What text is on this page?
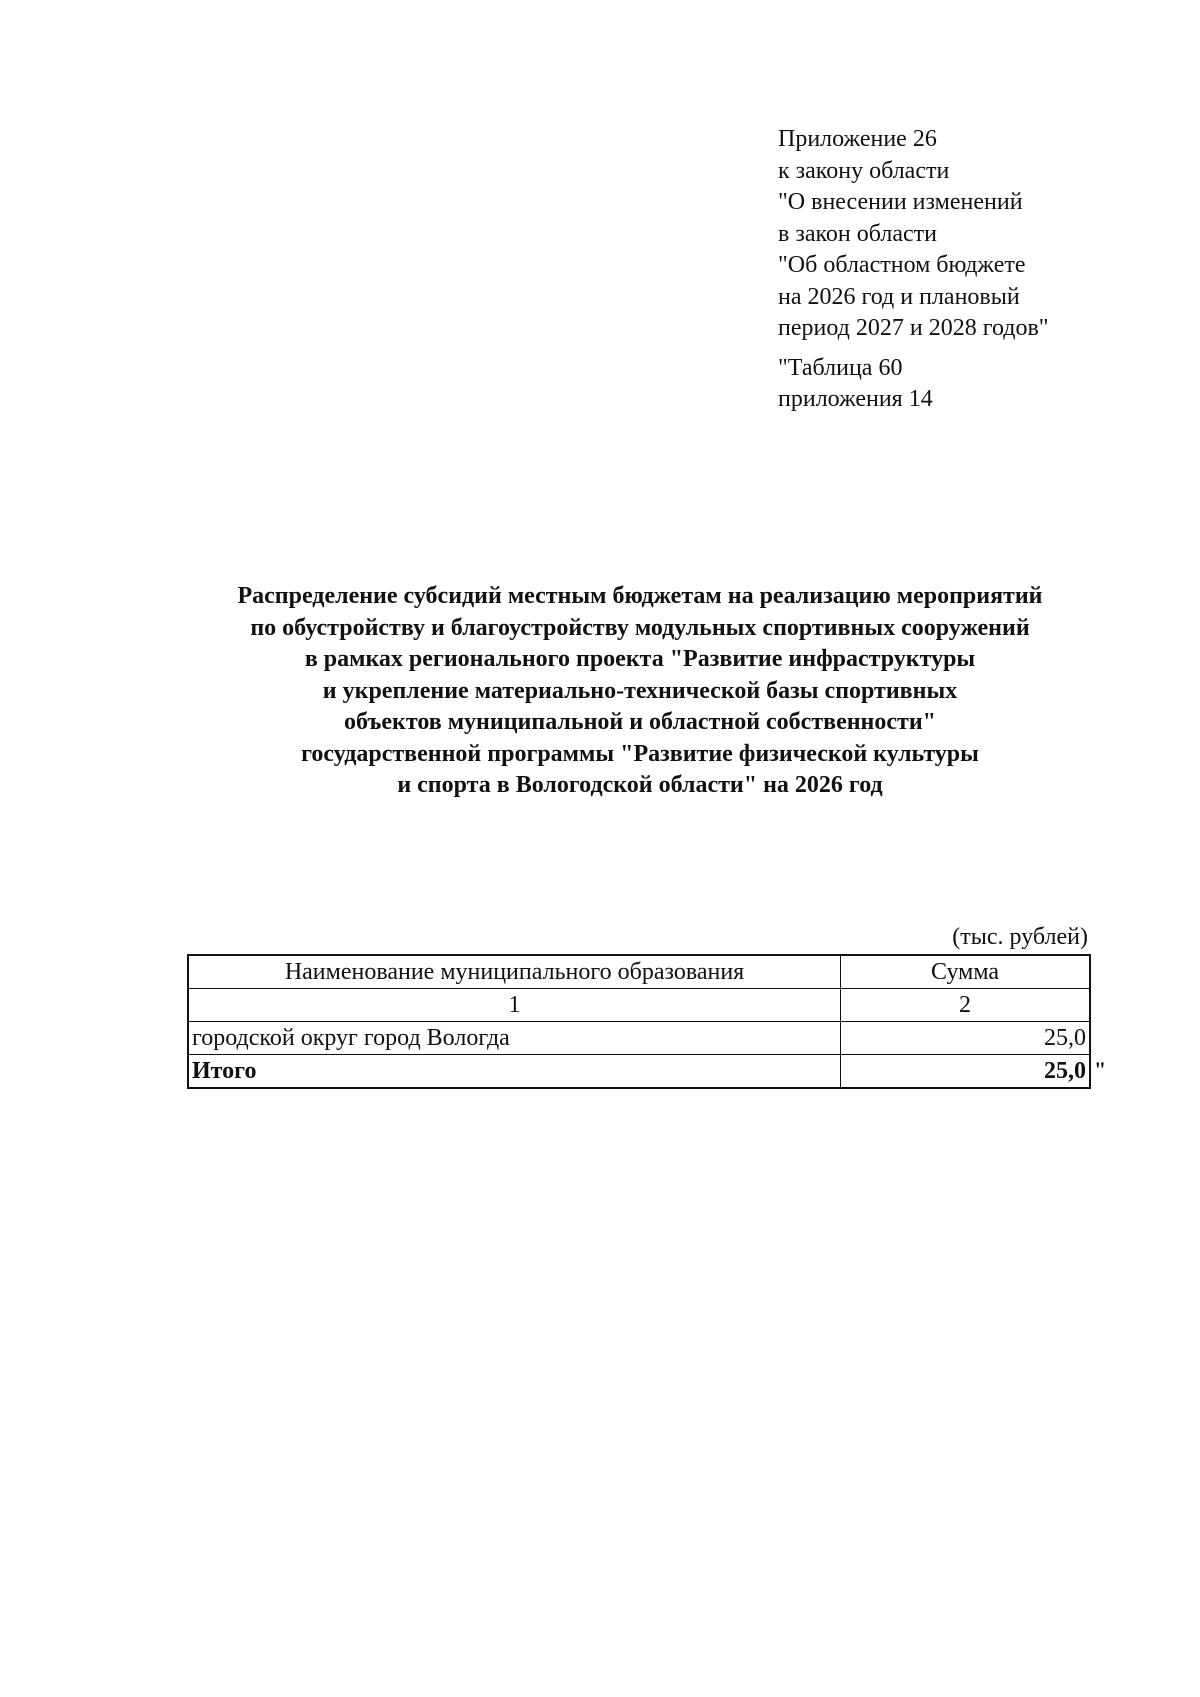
Приложение 26
к закону области
"О внесении изменений
в закон области
"Об областном бюджете
на 2026 год и плановый
период 2027 и 2028 годов"
"Таблица 60
приложения 14
Распределение субсидий местным бюджетам на реализацию мероприятий
по обустройству и благоустройству модульных спортивных сооружений
в рамках регионального проекта "Развитие инфраструктуры
и укрепление материально-технической базы спортивных
объектов муниципальной и областной собственности"
государственной программы "Развитие физической культуры
и спорта в Вологодской области" на 2026 год
(тыс. рублей)
Наименование муниципального образования	Сумма
1	2
городской округ город Вологда	25,0
Итого	25,0 "
